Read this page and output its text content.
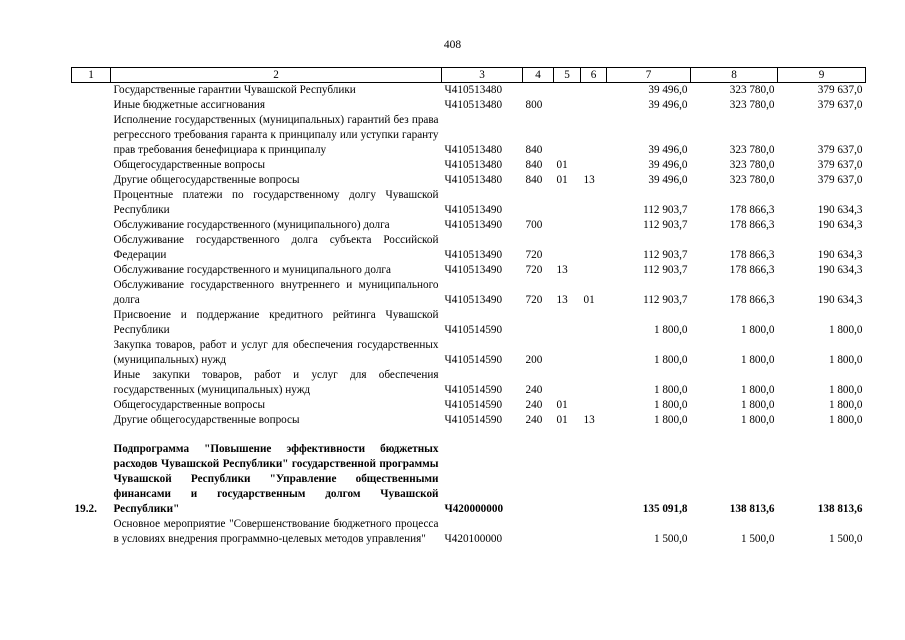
408
1	2	3	4	5	6	7	8	9
	Государственные гарантии Чувашской Республики	Ч410513480				39 496,0	323 780,0	379 637,0
	Иные бюджетные ассигнования	Ч410513480	800			39 496,0	323 780,0	379 637,0
	Исполнение государственных (муниципальных) гарантий без права регрессного требования гаранта к принципалу или уступки гаранту прав требования бенефициара к принципалу	Ч410513480	840			39 496,0	323 780,0	379 637,0
	Общегосударственные вопросы	Ч410513480	840	01		39 496,0	323 780,0	379 637,0
	Другие общегосударственные вопросы	Ч410513480	840	01	13	39 496,0	323 780,0	379 637,0
	Процентные платежи по государственному долгу Чувашской Республики	Ч410513490				112 903,7	178 866,3	190 634,3
	Обслуживание государственного (муниципального) долга	Ч410513490	700			112 903,7	178 866,3	190 634,3
	Обслуживание государственного долга субъекта Российской Федерации	Ч410513490	720			112 903,7	178 866,3	190 634,3
	Обслуживание государственного и муниципального долга	Ч410513490	720	13		112 903,7	178 866,3	190 634,3
	Обслуживание государственного внутреннего и муниципального долга	Ч410513490	720	13	01	112 903,7	178 866,3	190 634,3
	Присвоение и поддержание кредитного рейтинга Чувашской Республики	Ч410514590				1 800,0	1 800,0	1 800,0
	Закупка товаров, работ и услуг для обеспечения государственных (муниципальных) нужд	Ч410514590	200			1 800,0	1 800,0	1 800,0
	Иные закупки товаров, работ и услуг для обеспечения государственных (муниципальных) нужд	Ч410514590	240			1 800,0	1 800,0	1 800,0
	Общегосударственные вопросы	Ч410514590	240	01		1 800,0	1 800,0	1 800,0
	Другие общегосударственные вопросы	Ч410514590	240	01	13	1 800,0	1 800,0	1 800,0

19.2.	Подпрограмма "Повышение эффективности бюджетных расходов Чувашской Республики" государственной программы Чувашской Республики "Управление общественными финансами и государственным долгом Чувашской Республики"	Ч420000000				135 091,8	138 813,6	138 813,6
	Основное мероприятие "Совершенствование бюджетного процесса в условиях внедрения программно-целевых методов управления"	Ч420100000				1 500,0	1 500,0	1 500,0
